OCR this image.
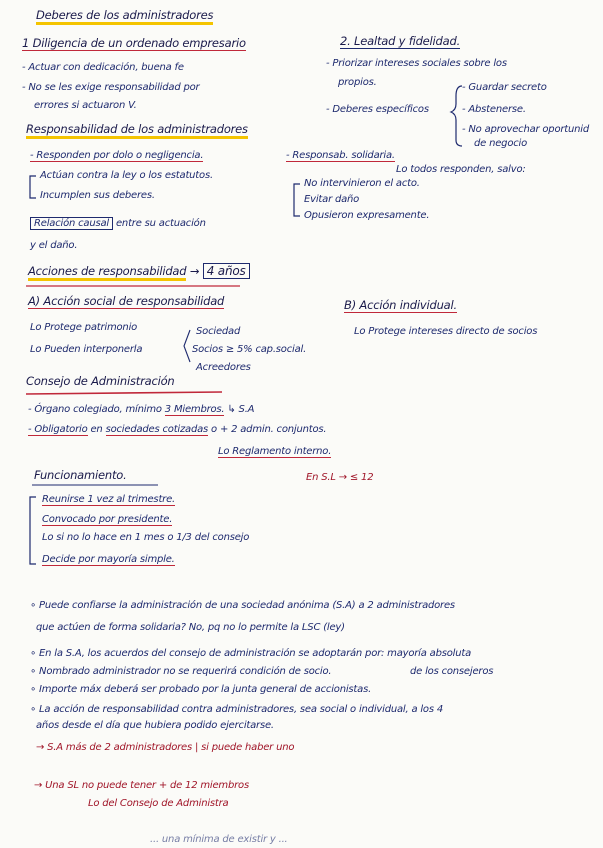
Deberes de los administradores
1 Diligencia de un ordenado empresario
- Actuar con dedicación, buena fe
- No se les exige responsabilidad por
errores si actuaron V.
2. Lealtad y fidelidad.
- Priorizar intereses sociales sobre los
propios.
- Deberes específicos
- Guardar secreto
- Abstenerse.
- No aprovechar oportunid
de negocio
Responsabilidad de los administradores
- Responden por dolo o negligencia.
Actúan contra la ley o los estatutos.
Incumplen sus deberes.
- Responsab. solidaria.
Lo todos responden, salvo:
No intervinieron el acto.
Evitar daño
Opusieron expresamente.
Relación causal entre su actuación
y el daño.
Acciones de responsabilidad → 4 años
A) Acción social de responsabilidad
Lo Protege patrimonio
Lo Pueden interponerla
Sociedad
Socios ≥ 5% cap.social.
Acreedores
B) Acción individual.
Lo Protege intereses directo de socios
Consejo de Administración
- Órgano colegiado, mínimo 3 Miembros. ↳ S.A
- Obligatorio en sociedades cotizadas o + 2 admin. conjuntos.
Lo Reglamento interno.
En S.L → ≤ 12
Funcionamiento.
Reunirse 1 vez al trimestre.
Convocado por presidente.
Lo si no lo hace en 1 mes o 1/3 del consejo
Decide por mayoría simple.
∘ Puede confiarse la administración de una sociedad anónima (S.A) a 2 administradores
que actúen de forma solidaria? No, pq no lo permite la LSC (ley)
∘ En la S.A, los acuerdos del consejo de administración se adoptarán por: mayoría absoluta
de los consejeros
∘ Nombrado administrador no se requerirá condición de socio.
∘ Importe máx deberá ser probado por la junta general de accionistas.
∘ La acción de responsabilidad contra administradores, sea social o individual, a los 4
años desde el día que hubiera podido ejercitarse.
→ S.A más de 2 administradores | si puede haber uno
→ Una SL no puede tener + de 12 miembros
Lo del Consejo de Administra
... una mínima de existir y ...
